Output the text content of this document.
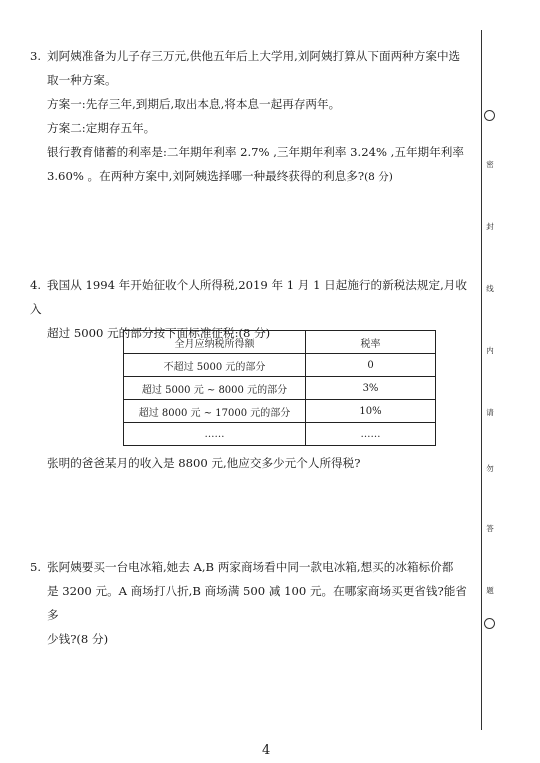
3. 刘阿姨准备为儿子存三万元,供他五年后上大学用,刘阿姨打算从下面两种方案中选

取一种方案。

方案一:先存三年,到期后,取出本息,将本息一起再存两年。

方案二:定期存五年。

银行教育储蓄的利率是:二年期年利率 2.7% ,三年期年利率 3.24% ,五年期年利率

3.60% 。在两种方案中,刘阿姨选择哪一种最终获得的利息多?(8 分)

4. 我国从 1994 年开始征收个人所得税,2019 年 1 月 1 日起施行的新税法规定,月收入

超过 5000 元的部分按下面标准征税:(8 分)

全月应纳税所得额	税率
不超过 5000 元的部分	0
超过 5000 元 ~ 8000 元的部分	3%
超过 8000 元 ~ 17000 元的部分	10%
……	……

张明的爸爸某月的收入是 8800 元,他应交多少元个人所得税?

5. 张阿姨要买一台电冰箱,她去 A,B 两家商场看中同一款电冰箱,想买的冰箱标价都

是 3200 元。A 商场打八折,B 商场满 500 减 100 元。在哪家商场买更省钱?能省多

少钱?(8 分)

4
密
封
线
内
请
勿
答
题
